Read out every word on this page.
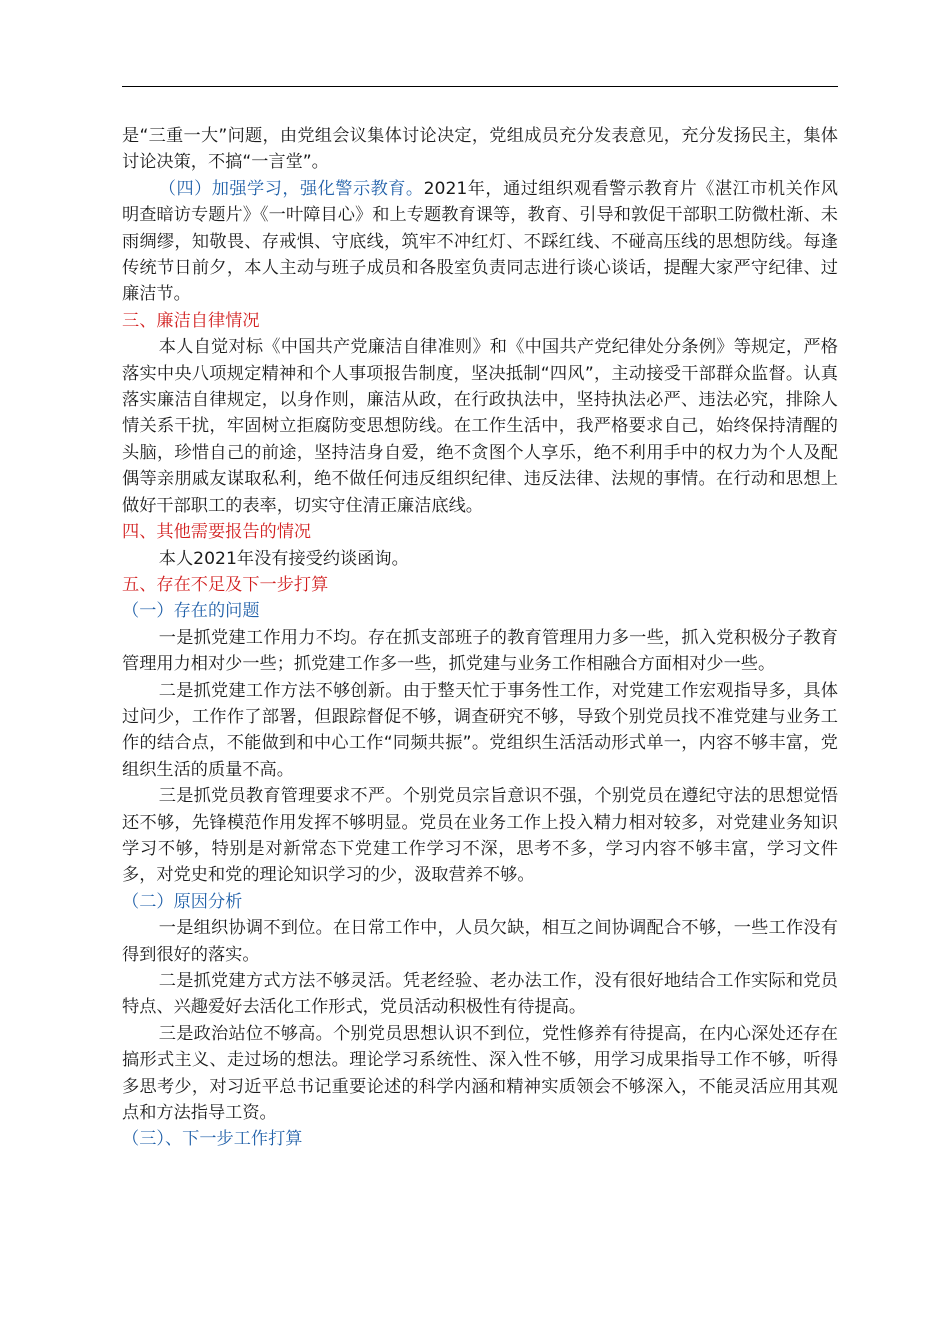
是“三重一大”问题，由党组会议集体讨论决定，党组成员充分发表意见，充分发扬民主，集体讨论决策，不搞“一言堂”。

（四）加强学习，强化警示教育。2021年，通过组织观看警示教育片《湛江市机关作风明查暗访专题片》《一叶障目心》和上专题教育课等，教育、引导和敦促干部职工防微杜渐、未雨绸缪，知敬畏、存戒惧、守底线，筑牢不冲红灯、不踩红线、不碰高压线的思想防线。每逢传统节日前夕，本人主动与班子成员和各股室负责同志进行谈心谈话，提醒大家严守纪律、过廉洁节。

三、廉洁自律情况

本人自觉对标《中国共产党廉洁自律准则》和《中国共产党纪律处分条例》等规定，严格落实中央八项规定精神和个人事项报告制度，坚决抵制“四风”，主动接受干部群众监督。认真落实廉洁自律规定，以身作则，廉洁从政，在行政执法中，坚持执法必严、违法必究，排除人情关系干扰，牢固树立拒腐防变思想防线。在工作生活中，我严格要求自己，始终保持清醒的头脑，珍惜自己的前途，坚持洁身自爱，绝不贪图个人享乐，绝不利用手中的权力为个人及配偶等亲朋戚友谋取私利，绝不做任何违反组织纪律、违反法律、法规的事情。在行动和思想上做好干部职工的表率，切实守住清正廉洁底线。

四、其他需要报告的情况

本人2021年没有接受约谈函询。

五、存在不足及下一步打算

（一）存在的问题

一是抓党建工作用力不均。存在抓支部班子的教育管理用力多一些，抓入党积极分子教育管理用力相对少一些；抓党建工作多一些，抓党建与业务工作相融合方面相对少一些。

二是抓党建工作方法不够创新。由于整天忙于事务性工作，对党建工作宏观指导多，具体过问少，工作作了部署，但跟踪督促不够，调查研究不够，导致个别党员找不准党建与业务工作的结合点，不能做到和中心工作“同频共振”。党组织生活活动形式单一，内容不够丰富，党组织生活的质量不高。

三是抓党员教育管理要求不严。个别党员宗旨意识不强，个别党员在遵纪守法的思想觉悟还不够，先锋模范作用发挥不够明显。党员在业务工作上投入精力相对较多，对党建业务知识学习不够，特别是对新常态下党建工作学习不深，思考不多，学习内容不够丰富，学习文件多，对党史和党的理论知识学习的少，汲取营养不够。

（二）原因分析

一是组织协调不到位。在日常工作中，人员欠缺，相互之间协调配合不够，一些工作没有得到很好的落实。

二是抓党建方式方法不够灵活。凭老经验、老办法工作，没有很好地结合工作实际和党员特点、兴趣爱好去活化工作形式，党员活动积极性有待提高。

三是政治站位不够高。个别党员思想认识不到位，党性修养有待提高，在内心深处还存在搞形式主义、走过场的想法。理论学习系统性、深入性不够，用学习成果指导工作不够，听得多思考少，对习近平总书记重要论述的科学内涵和精神实质领会不够深入，不能灵活应用其观点和方法指导工资。

（三）、下一步工作打算
